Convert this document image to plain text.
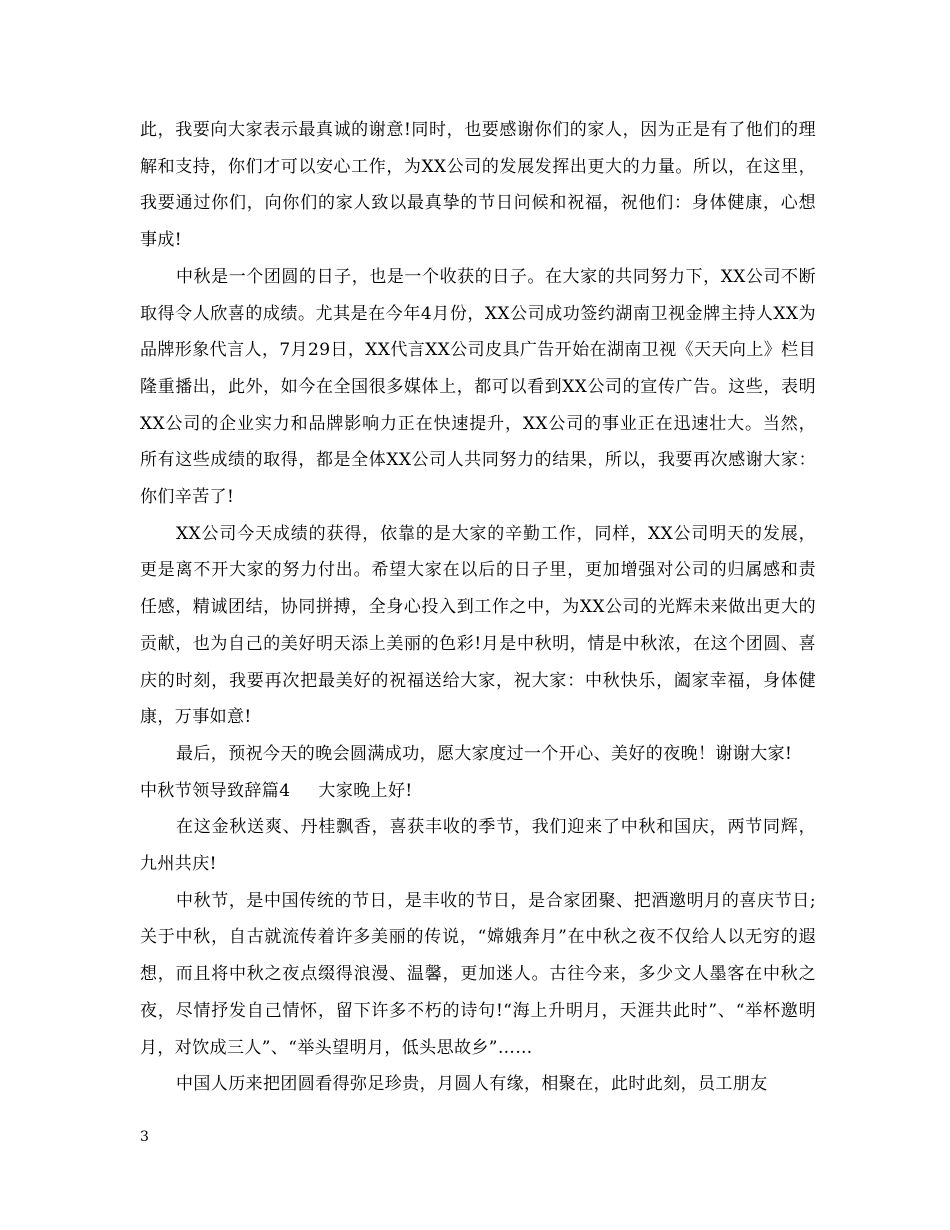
此，我要向大家表示最真诚的谢意!同时，也要感谢你们的家人，因为正是有了他们的理解和支持，你们才可以安心工作，为XX公司的发展发挥出更大的力量。所以，在这里，我要通过你们，向你们的家人致以最真挚的节日问候和祝福，祝他们：身体健康，心想事成!

中秋是一个团圆的日子，也是一个收获的日子。在大家的共同努力下，XX公司不断取得令人欣喜的成绩。尤其是在今年4月份，XX公司成功签约湖南卫视金牌主持人XX为品牌形象代言人，7月29日，XX代言XX公司皮具广告开始在湖南卫视《天天向上》栏目隆重播出，此外，如今在全国很多媒体上，都可以看到XX公司的宣传广告。这些，表明XX公司的企业实力和品牌影响力正在快速提升，XX公司的事业正在迅速壮大。当然，所有这些成绩的取得，都是全体XX公司人共同努力的结果，所以，我要再次感谢大家：你们辛苦了!

XX公司今天成绩的获得，依靠的是大家的辛勤工作，同样，XX公司明天的发展，更是离不开大家的努力付出。希望大家在以后的日子里，更加增强对公司的归属感和责任感，精诚团结，协同拼搏，全身心投入到工作之中，为XX公司的光辉未来做出更大的贡献，也为自己的美好明天添上美丽的色彩!月是中秋明，情是中秋浓，在这个团圆、喜庆的时刻，我要再次把最美好的祝福送给大家，祝大家：中秋快乐，阖家幸福，身体健康，万事如意!

最后，预祝今天的晚会圆满成功，愿大家度过一个开心、美好的夜晚！谢谢大家!

中秋节领导致辞篇4 大家晚上好!

在这金秋送爽、丹桂飘香，喜获丰收的季节，我们迎来了中秋和国庆，两节同辉，九州共庆!

中秋节，是中国传统的节日，是丰收的节日，是合家团聚、把酒邀明月的喜庆节日;关于中秋，自古就流传着许多美丽的传说，“嫦娥奔月”在中秋之夜不仅给人以无穷的遐想，而且将中秋之夜点缀得浪漫、温馨，更加迷人。古往今来，多少文人墨客在中秋之夜，尽情抒发自己情怀，留下许多不朽的诗句!“海上升明月，天涯共此时”、“举杯邀明月，对饮成三人”、“举头望明月，低头思故乡”……

中国人历来把团圆看得弥足珍贵，月圆人有缘，相聚在，此时此刻，员工朋友

3
